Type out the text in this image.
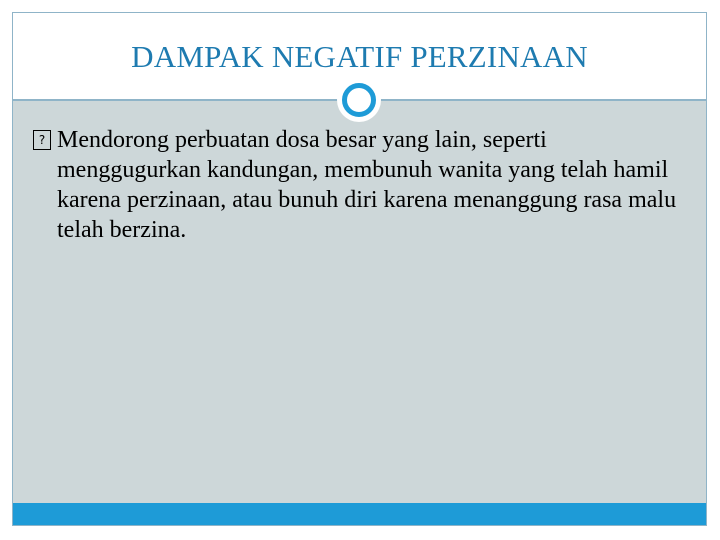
DAMPAK NEGATIF PERZINAAN
? Mendorong perbuatan dosa besar yang lain, seperti menggugurkan kandungan, membunuh wanita yang telah hamil karena perzinaan, atau bunuh diri karena menanggung rasa malu telah berzina.
